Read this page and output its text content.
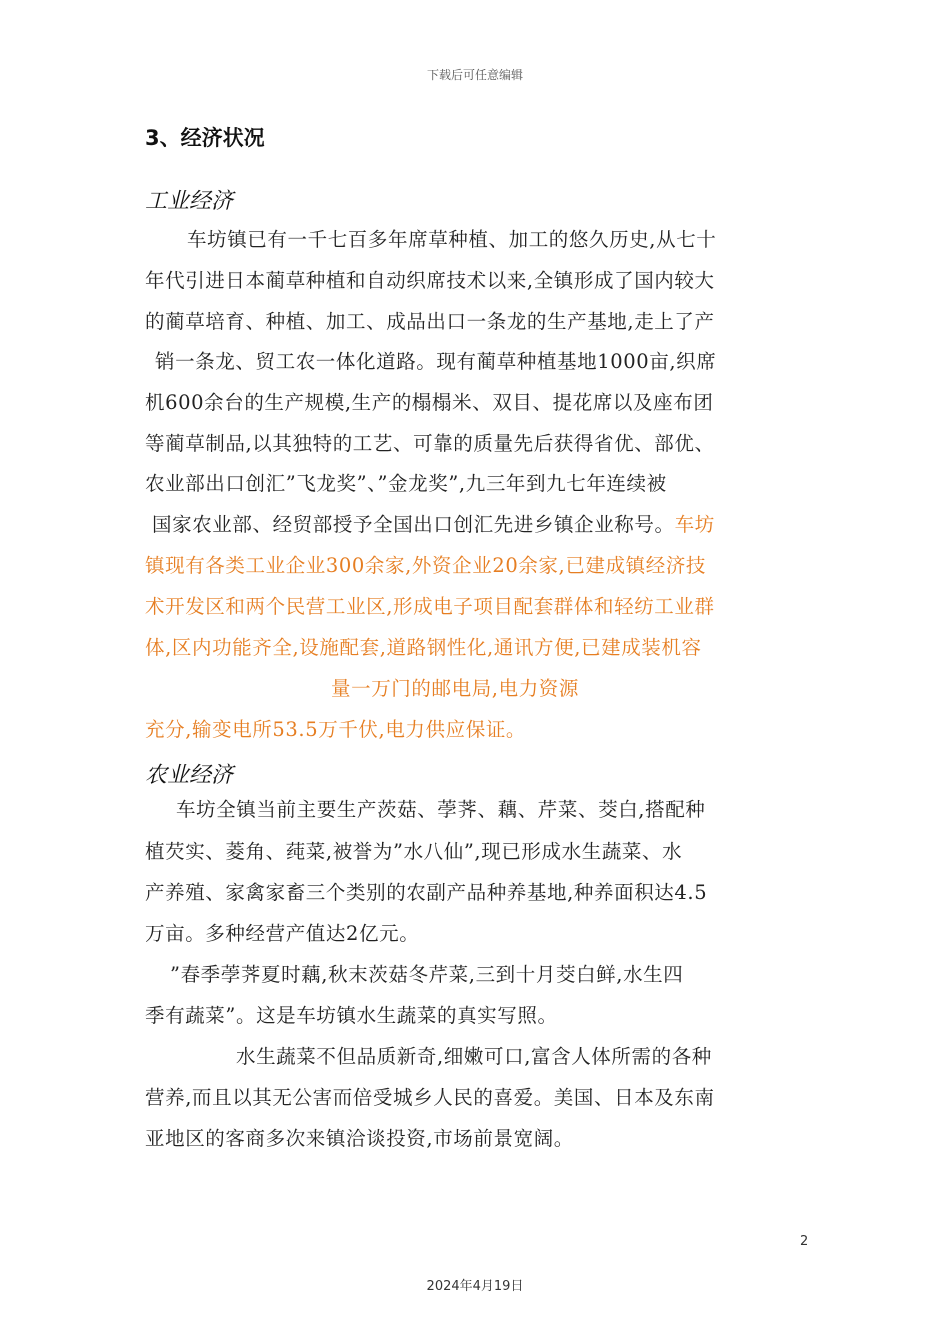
下载后可任意编辑
3、经济状况
工业经济
车坊镇已有一千七百多年席草种植、加工的悠久历史,从七十
年代引进日本蔺草种植和自动织席技术以来,全镇形成了国内较大
的蔺草培育、种植、加工、成品出口一条龙的生产基地,走上了产
销一条龙、贸工农一体化道路。现有蔺草种植基地1000亩,织席
机600余台的生产规模,生产的榻榻米、双目、提花席以及座布团
等蔺草制品,以其独特的工艺、可靠的质量先后获得省优、部优、
农业部出口创汇”飞龙奖”、”金龙奖”,九三年到九七年连续被
国家农业部、经贸部授予全国出口创汇先进乡镇企业称号。车坊
镇现有各类工业企业300余家,外资企业20余家,已建成镇经济技
术开发区和两个民营工业区,形成电子项目配套群体和轻纺工业群
体,区内功能齐全,设施配套,道路钢性化,通讯方便,已建成装机容
量一万门的邮电局,电力资源
充分,输变电所53.5万千伏,电力供应保证。
农业经济
车坊全镇当前主要生产茨菇、荸荠、藕、芹菜、茭白,搭配种
植芡实、菱角、莼菜,被誉为”水八仙”,现已形成水生蔬菜、水
产养殖、家禽家畜三个类别的农副产品种养基地,种养面积达4.5
万亩。多种经营产值达2亿元。
”春季荸荠夏时藕,秋末茨菇冬芹菜,三到十月茭白鲜,水生四
季有蔬菜”。这是车坊镇水生蔬菜的真实写照。
水生蔬菜不但品质新奇,细嫩可口,富含人体所需的各种
营养,而且以其无公害而倍受城乡人民的喜爱。美国、日本及东南
亚地区的客商多次来镇洽谈投资,市场前景宽阔。
2
2024年4月19日
